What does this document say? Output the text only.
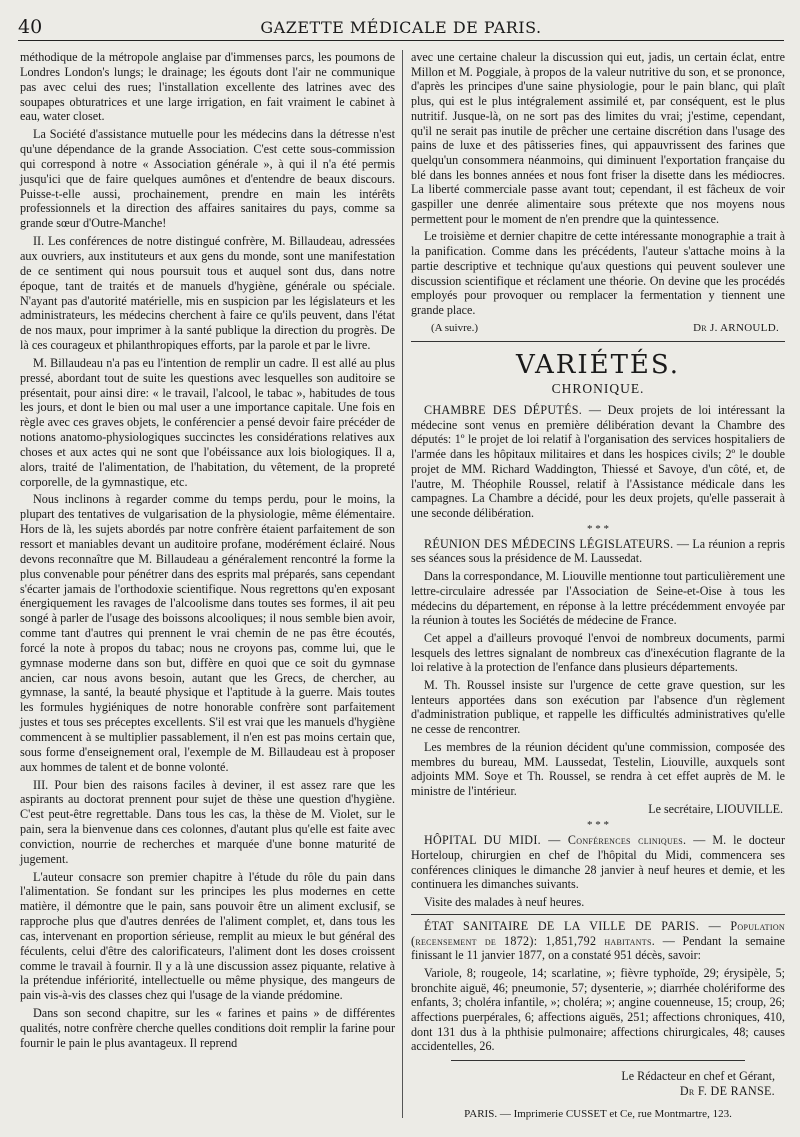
40	GAZETTE MÉDICALE DE PARIS.

méthodique de la métropole anglaise par d'immenses parcs, les poumons de Londres London's lungs; le drainage; les égouts dont l'air ne communique pas avec celui des rues; l'installation excellente des latrines avec des soupapes obturatrices et une large irrigation, en fait vraiment le cabinet à eau, water closet.

La Société d'assistance mutuelle pour les médecins dans la détresse n'est qu'une dépendance de la grande Association. C'est cette sous-commission qui correspond à notre « Association générale », à qui il n'a été permis jusqu'ici que de faire quelques aumônes et d'entendre de beaux discours. Puisse-t-elle aussi, prochainement, prendre en main les intérêts professionnels et la direction des affaires sanitaires du pays, comme sa grande sœur d'Outre-Manche!

II. Les conférences de notre distingué confrère, M. Billaudeau, adressées aux ouvriers, aux instituteurs et aux gens du monde, sont une manifestation de ce sentiment qui nous poursuit tous et auquel sont dus, dans notre époque, tant de traités et de manuels d'hygiène, générale ou spéciale. N'ayant pas d'autorité matérielle, mis en suspicion par les législateurs et les administrateurs, les médecins cherchent à faire ce qu'ils peuvent, dans l'état de nos maux, pour imprimer à la santé publique la direction du progrès. De là ces courageux et philanthropiques efforts, par la parole et par le livre.

M. Billaudeau n'a pas eu l'intention de remplir un cadre. Il est allé au plus pressé, abordant tout de suite les questions avec lesquelles son auditoire se présentait, pour ainsi dire: « le travail, l'alcool, le tabac », habitudes de tous les jours, et dont le bien ou mal user a une importance capitale. Une fois en règle avec ces graves objets, le conférencier a pensé devoir faire précéder de notions anatomo-physiologiques succinctes les considérations relatives aux choses et aux actes qui ne sont que l'obéissance aux lois biologiques. Il a, alors, traité de l'alimentation, de l'habitation, du vêtement, de la propreté corporelle, de la gymnastique, etc.

Nous inclinons à regarder comme du temps perdu, pour le moins, la plupart des tentatives de vulgarisation de la physiologie, même élémentaire. Hors de là, les sujets abordés par notre confrère étaient parfaitement de son ressort et maniables devant un auditoire profane, modérément éclairé. Nous devons reconnaître que M. Billaudeau a généralement rencontré la forme la plus convenable pour pénétrer dans des esprits mal préparés, sans cependant s'écarter jamais de l'orthodoxie scientifique. Nous regrettons qu'en exposant énergiquement les ravages de l'alcoolisme dans toutes ses formes, il ait peu songé à parler de l'usage des boissons alcooliques; il nous semble bien avoir, comme tant d'autres qui prennent le vrai chemin de ne pas être écoutés, forcé la note à propos du tabac; nous ne croyons pas, comme lui, que le gymnase moderne dans son but, diffère en quoi que ce soit du gymnase ancien, car nous avons besoin, autant que les Grecs, de chercher, au gymnase, la santé, la beauté physique et l'aptitude à la guerre. Mais toutes les formules hygiéniques de notre honorable confrère sont parfaitement justes et tous ses préceptes excellents. S'il est vrai que les manuels d'hygiène commencent à se multiplier passablement, il n'en est pas moins certain que, sous forme d'enseignement oral, l'exemple de M. Billaudeau est à proposer aux hommes de talent et de bonne volonté.

III. Pour bien des raisons faciles à deviner, il est assez rare que les aspirants au doctorat prennent pour sujet de thèse une question d'hygiène. C'est peut-être regrettable. Dans tous les cas, la thèse de M. Violet, sur le pain, sera la bienvenue dans ces colonnes, d'autant plus qu'elle est faite avec conviction, nourrie de recherches et marquée d'une bonne maturité de jugement.

L'auteur consacre son premier chapitre à l'étude du rôle du pain dans l'alimentation. Se fondant sur les principes les plus modernes en cette matière, il démontre que le pain, sans pouvoir être un aliment exclusif, se rapproche plus que d'autres denrées de l'aliment complet, et, dans tous les cas, intervenant en proportion sérieuse, remplit au mieux le but général des féculents, celui d'être des calorificateurs, l'aliment dont les doses croissent comme le travail à fournir. Il y a là une discussion assez piquante, relative à la prétendue infériorité, intellectuelle ou même physique, des mangeurs de pain vis-à-vis des classes chez qui l'usage de la viande prédomine.

Dans son second chapitre, sur les « farines et pains » de différentes qualités, notre confrère cherche quelles conditions doit remplir la farine pour fournir le pain le plus avantageux. Il reprend

avec une certaine chaleur la discussion qui eut, jadis, un certain éclat, entre Millon et M. Poggiale, à propos de la valeur nutritive du son, et se prononce, d'après les principes d'une saine physiologie, pour le pain blanc, qui plaît plus, qui est le plus intégralement assimilé et, par conséquent, est le plus nutritif. Jusque-là, on ne sort pas des limites du vrai; j'estime, cependant, qu'il ne serait pas inutile de prêcher une certaine discrétion dans l'usage des pains de luxe et des pâtisseries fines, qui appauvrissent des farines que quelqu'un consommera néanmoins, qui diminuent l'exportation française du blé dans les bonnes années et nous font friser la disette dans les médiocres. La liberté commerciale passe avant tout; cependant, il est fâcheux de voir gaspiller une denrée alimentaire sous prétexte que nos moyens nous permettent pour le moment de n'en prendre que la quintessence.

Le troisième et dernier chapitre de cette intéressante monographie a trait à la panification. Comme dans les précédents, l'auteur s'attache moins à la partie descriptive et technique qu'aux questions qui peuvent soulever une discussion scientifique et réclament une théorie. On devine que les procédés employés pour provoquer ou remplacer la fermentation y tiennent une grande place.

(A suivre.)	Dr J. ARNOULD.
VARIÉTÉS.
CHRONIQUE.

CHAMBRE DES DÉPUTÉS. — Deux projets de loi intéressant la médecine sont venus en première délibération devant la Chambre des députés: 1º le projet de loi relatif à l'organisation des services hospitaliers de l'armée dans les hôpitaux militaires et dans les hospices civils; 2º le double projet de MM. Richard Waddington, Thiessé et Savoye, d'un côté, et, de l'autre, M. Théophile Roussel, relatif à l'Assistance médicale dans les campagnes. La Chambre a décidé, pour les deux projets, qu'elle passerait à une seconde délibération.

* * *

RÉUNION DES MÉDECINS LÉGISLATEURS. — La réunion a repris ses séances sous la présidence de M. Laussedat.

Dans la correspondance, M. Liouville mentionne tout particulièrement une lettre-circulaire adressée par l'Association de Seine-et-Oise à tous les médecins du département, en réponse à la lettre précédemment envoyée par la réunion à toutes les Sociétés de médecine de France.

Cet appel a d'ailleurs provoqué l'envoi de nombreux documents, parmi lesquels des lettres signalant de nombreux cas d'inexécution flagrante de la loi relative à la protection de l'enfance dans plusieurs départements.

M. Th. Roussel insiste sur l'urgence de cette grave question, sur les lenteurs apportées dans son exécution par l'absence d'un règlement d'administration publique, et rappelle les difficultés administratives qu'elle ne cesse de rencontrer.

Les membres de la réunion décident qu'une commission, composée des membres du bureau, MM. Laussedat, Testelin, Liouville, auxquels sont adjoints MM. Soye et Th. Roussel, se rendra à cet effet auprès de M. le ministre de l'intérieur.

Le secrétaire, LIOUVILLE.
* * *

HÔPITAL DU MIDI. — Conférences cliniques. — M. le docteur Horteloup, chirurgien en chef de l'hôpital du Midi, commencera ses conférences cliniques le dimanche 28 janvier à neuf heures et demie, et les continuera les dimanches suivants.

Visite des malades à neuf heures.

ÉTAT SANITAIRE DE LA VILLE DE PARIS. — Population (recensement de 1872): 1,851,792 habitants. — Pendant la semaine finissant le 11 janvier 1877, on a constaté 951 décès, savoir:

Variole, 8; rougeole, 14; scarlatine, »; fièvre typhoïde, 29; érysipèle, 5; bronchite aiguë, 46; pneumonie, 57; dysenterie, »; diarrhée cholériforme des enfants, 3; choléra infantile, »; choléra; »; angine couenneuse, 15; croup, 26; affections puerpérales, 6; affections aiguës, 251; affections chroniques, 410, dont 131 dus à la phthisie pulmonaire; affections chirurgicales, 48; causes accidentelles, 26.

Le Rédacteur en chef et Gérant,
Dr F. DE RANSE.
PARIS. — Imprimerie CUSSET et Ce, rue Montmartre, 123.
